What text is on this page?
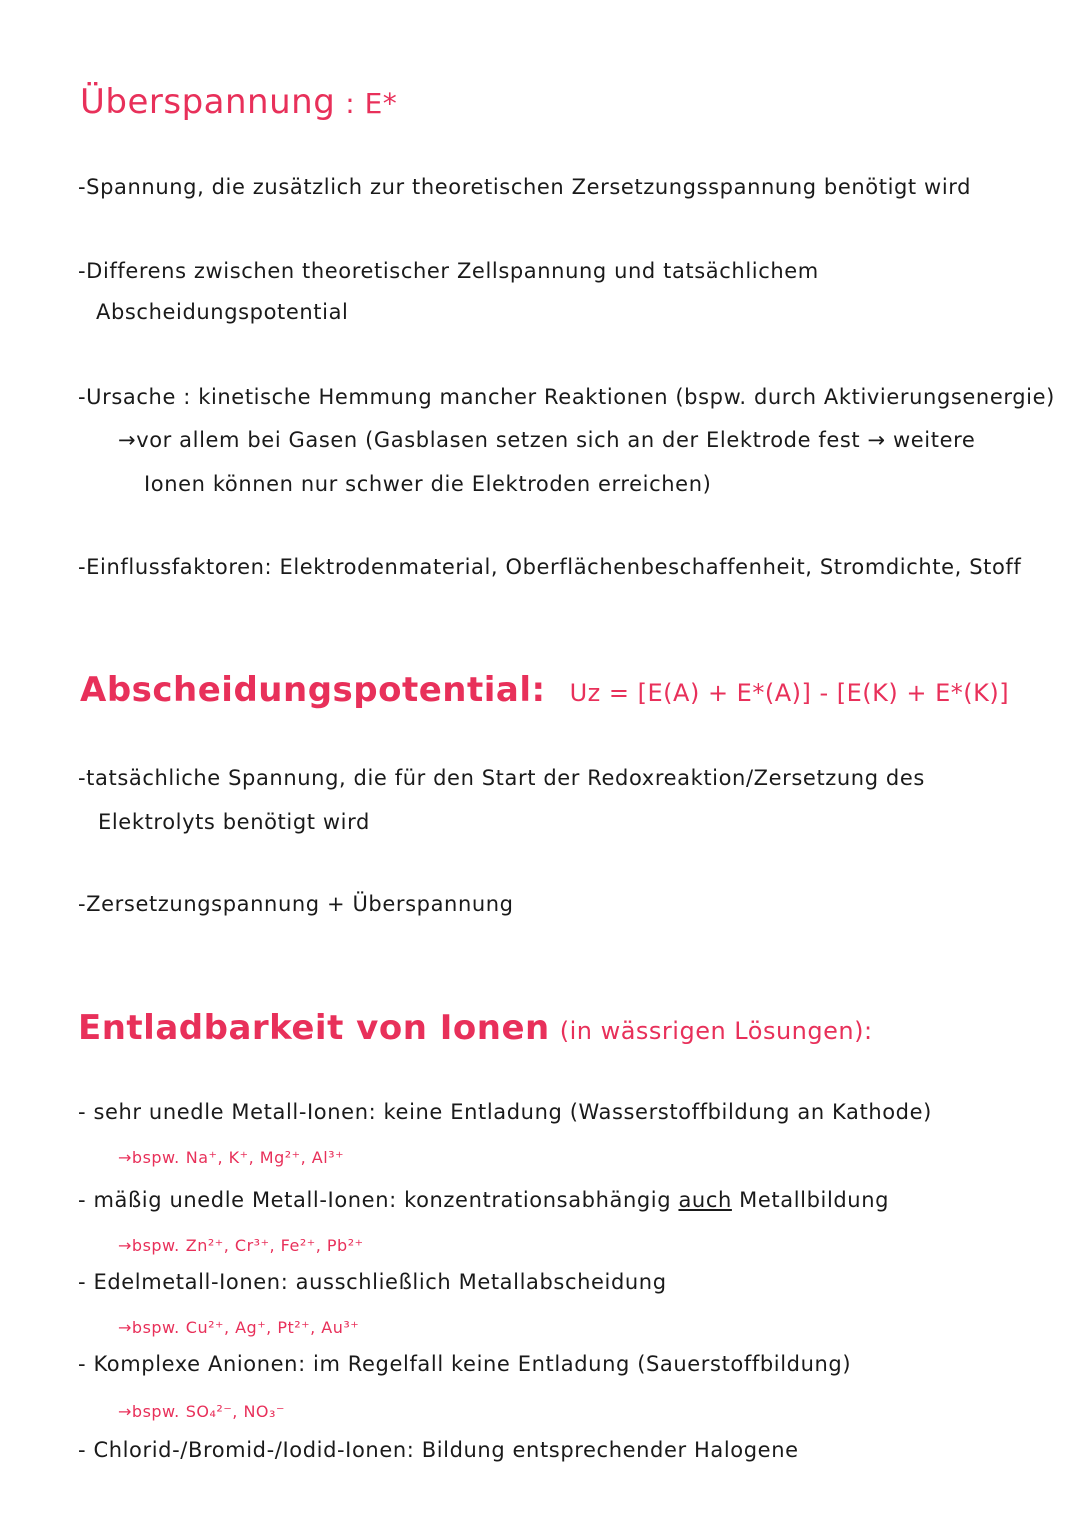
Überspannung : E*
-Spannung, die zusätzlich zur theoretischen Zersetzungsspannung benötigt wird
-Differens zwischen theoretischer Zellspannung und tatsächlichem
Abscheidungspotential
-Ursache : kinetische Hemmung mancher Reaktionen (bspw. durch Aktivierungsenergie)
→vor allem bei Gasen (Gasblasen setzen sich an der Elektrode fest → weitere
Ionen können nur schwer die Elektroden erreichen)
-Einflussfaktoren: Elektrodenmaterial, Oberflächenbeschaffenheit, Stromdichte, Stoff
Abscheidungspotential: Uz = [E(A) + E*(A)] - [E(K) + E*(K)]
-tatsächliche Spannung, die für den Start der Redoxreaktion/Zersetzung des
Elektrolyts benötigt wird
-Zersetzungspannung + Überspannung
Entladbarkeit von Ionen (in wässrigen Lösungen):
- sehr unedle Metall-Ionen: keine Entladung (Wasserstoffbildung an Kathode)
→bspw. Na⁺, K⁺, Mg²⁺, Al³⁺
- mäßig unedle Metall-Ionen: konzentrationsabhängig auch Metallbildung
→bspw. Zn²⁺, Cr³⁺, Fe²⁺, Pb²⁺
- Edelmetall-Ionen: ausschließlich Metallabscheidung
→bspw. Cu²⁺, Ag⁺, Pt²⁺, Au³⁺
- Komplexe Anionen: im Regelfall keine Entladung (Sauerstoffbildung)
→bspw. SO₄²⁻, NO₃⁻
- Chlorid-/Bromid-/Iodid-Ionen: Bildung entsprechender Halogene
